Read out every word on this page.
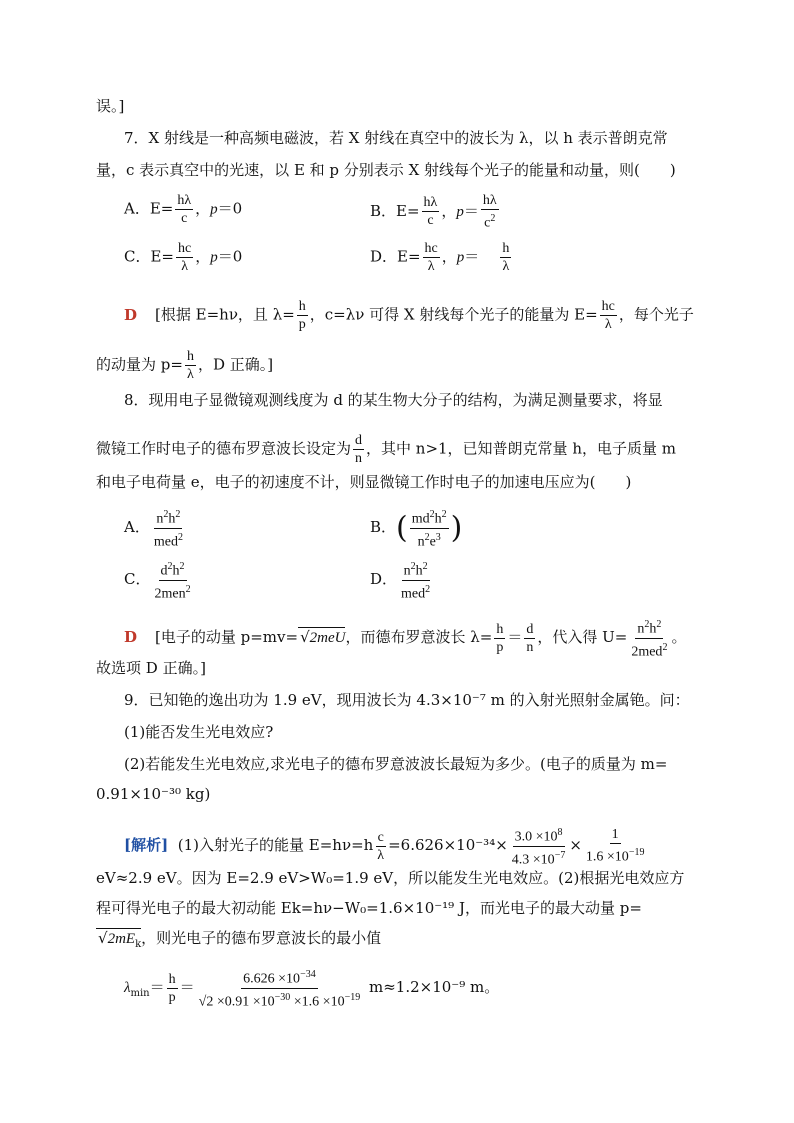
误。]
7．X 射线是一种高频电磁波，若 X 射线在真空中的波长为 λ，以 h 表示普朗克常
量，c 表示真空中的光速，以 E 和 p 分别表示 X 射线每个光子的能量和动量，则(　　)
A．$E= \frac{h\lambda}{c}$ ，p＝0	B．$E= \frac{h\lambda}{c}$ ，$p= \frac{h\lambda}{c^2}$
C．$E= \frac{hc}{\lambda}$ ，p＝0	D．$E= \frac{hc}{\lambda}$ ，$p= \frac{h}{\lambda}$
D [根据 E=hν，且 $\lambda= \frac{h}{p}$ ，c=λν 可得 X 射线每个光子的能量为 $E= \frac{hc}{\lambda}$ ，每个光子
的动量为 $p= \frac{h}{\lambda}$ ，D 正确。]
8．现用电子显微镜观测线度为 d 的某生物大分子的结构，为满足测量要求，将显
微镜工作时电子的德布罗意波长设定为 $\frac{d}{n}$ ，其中 n>1，已知普朗克常量 h，电子质量 m
和电子电荷量 e，电子的初速度不计，则显微镜工作时电子的加速电压应为(　　)
A． $\frac{n^2h^2}{med^2}$	B．( $\frac{md^2h^2}{n^2e^3}$ )
C． $\frac{d^2h^2}{2men^2}$	D． $\frac{n^2h^2}{med^2}$
D [电子的动量 p=mv= √2meU，而德布罗意波长 $\lambda= \frac{h}{p} = \frac{d}{n}$ ，代入得 $U= \frac{n^2h^2}{2med^2}$ 。
故选项 D 正确。]
9．已知铯的逸出功为 1.9 eV，现用波长为 4.3×10⁻⁷ m 的入射光照射金属铯。问：
(1)能否发生光电效应?
(2)若能发生光电效应,求光电子的德布罗意波波长最短为多少。(电子的质量为 m=
0.91×10⁻³⁰ kg)
[解析] (1)入射光子的能量 $E=h\nu=h \frac{c}{\lambda} =6.626\times 10^{-34}\times \frac{3.0 \times 10^8}{4.3 \times 10^{-7}} \times \frac{1}{1.6 \times 10^{-19}}$
eV≈2.9 eV。因为 E=2.9 eV>W₀=1.9 eV，所以能发生光电效应。(2)根据光电效应方
程可得光电子的最大初动能 Ek=hν−W₀=1.6×10⁻¹⁹ J，而光电子的最大动量 p=
$√2mE_k$，则光电子的德布罗意波长的最小值
$\lambda_{min}= \frac{h}{p} = \frac{6.626 \times 10^{-34}}{√2 \times 0.91 \times 10^{-30} \times 1.6 \times 10^{-19}} m\approx 1.2\times 10^{-9}$ m。
